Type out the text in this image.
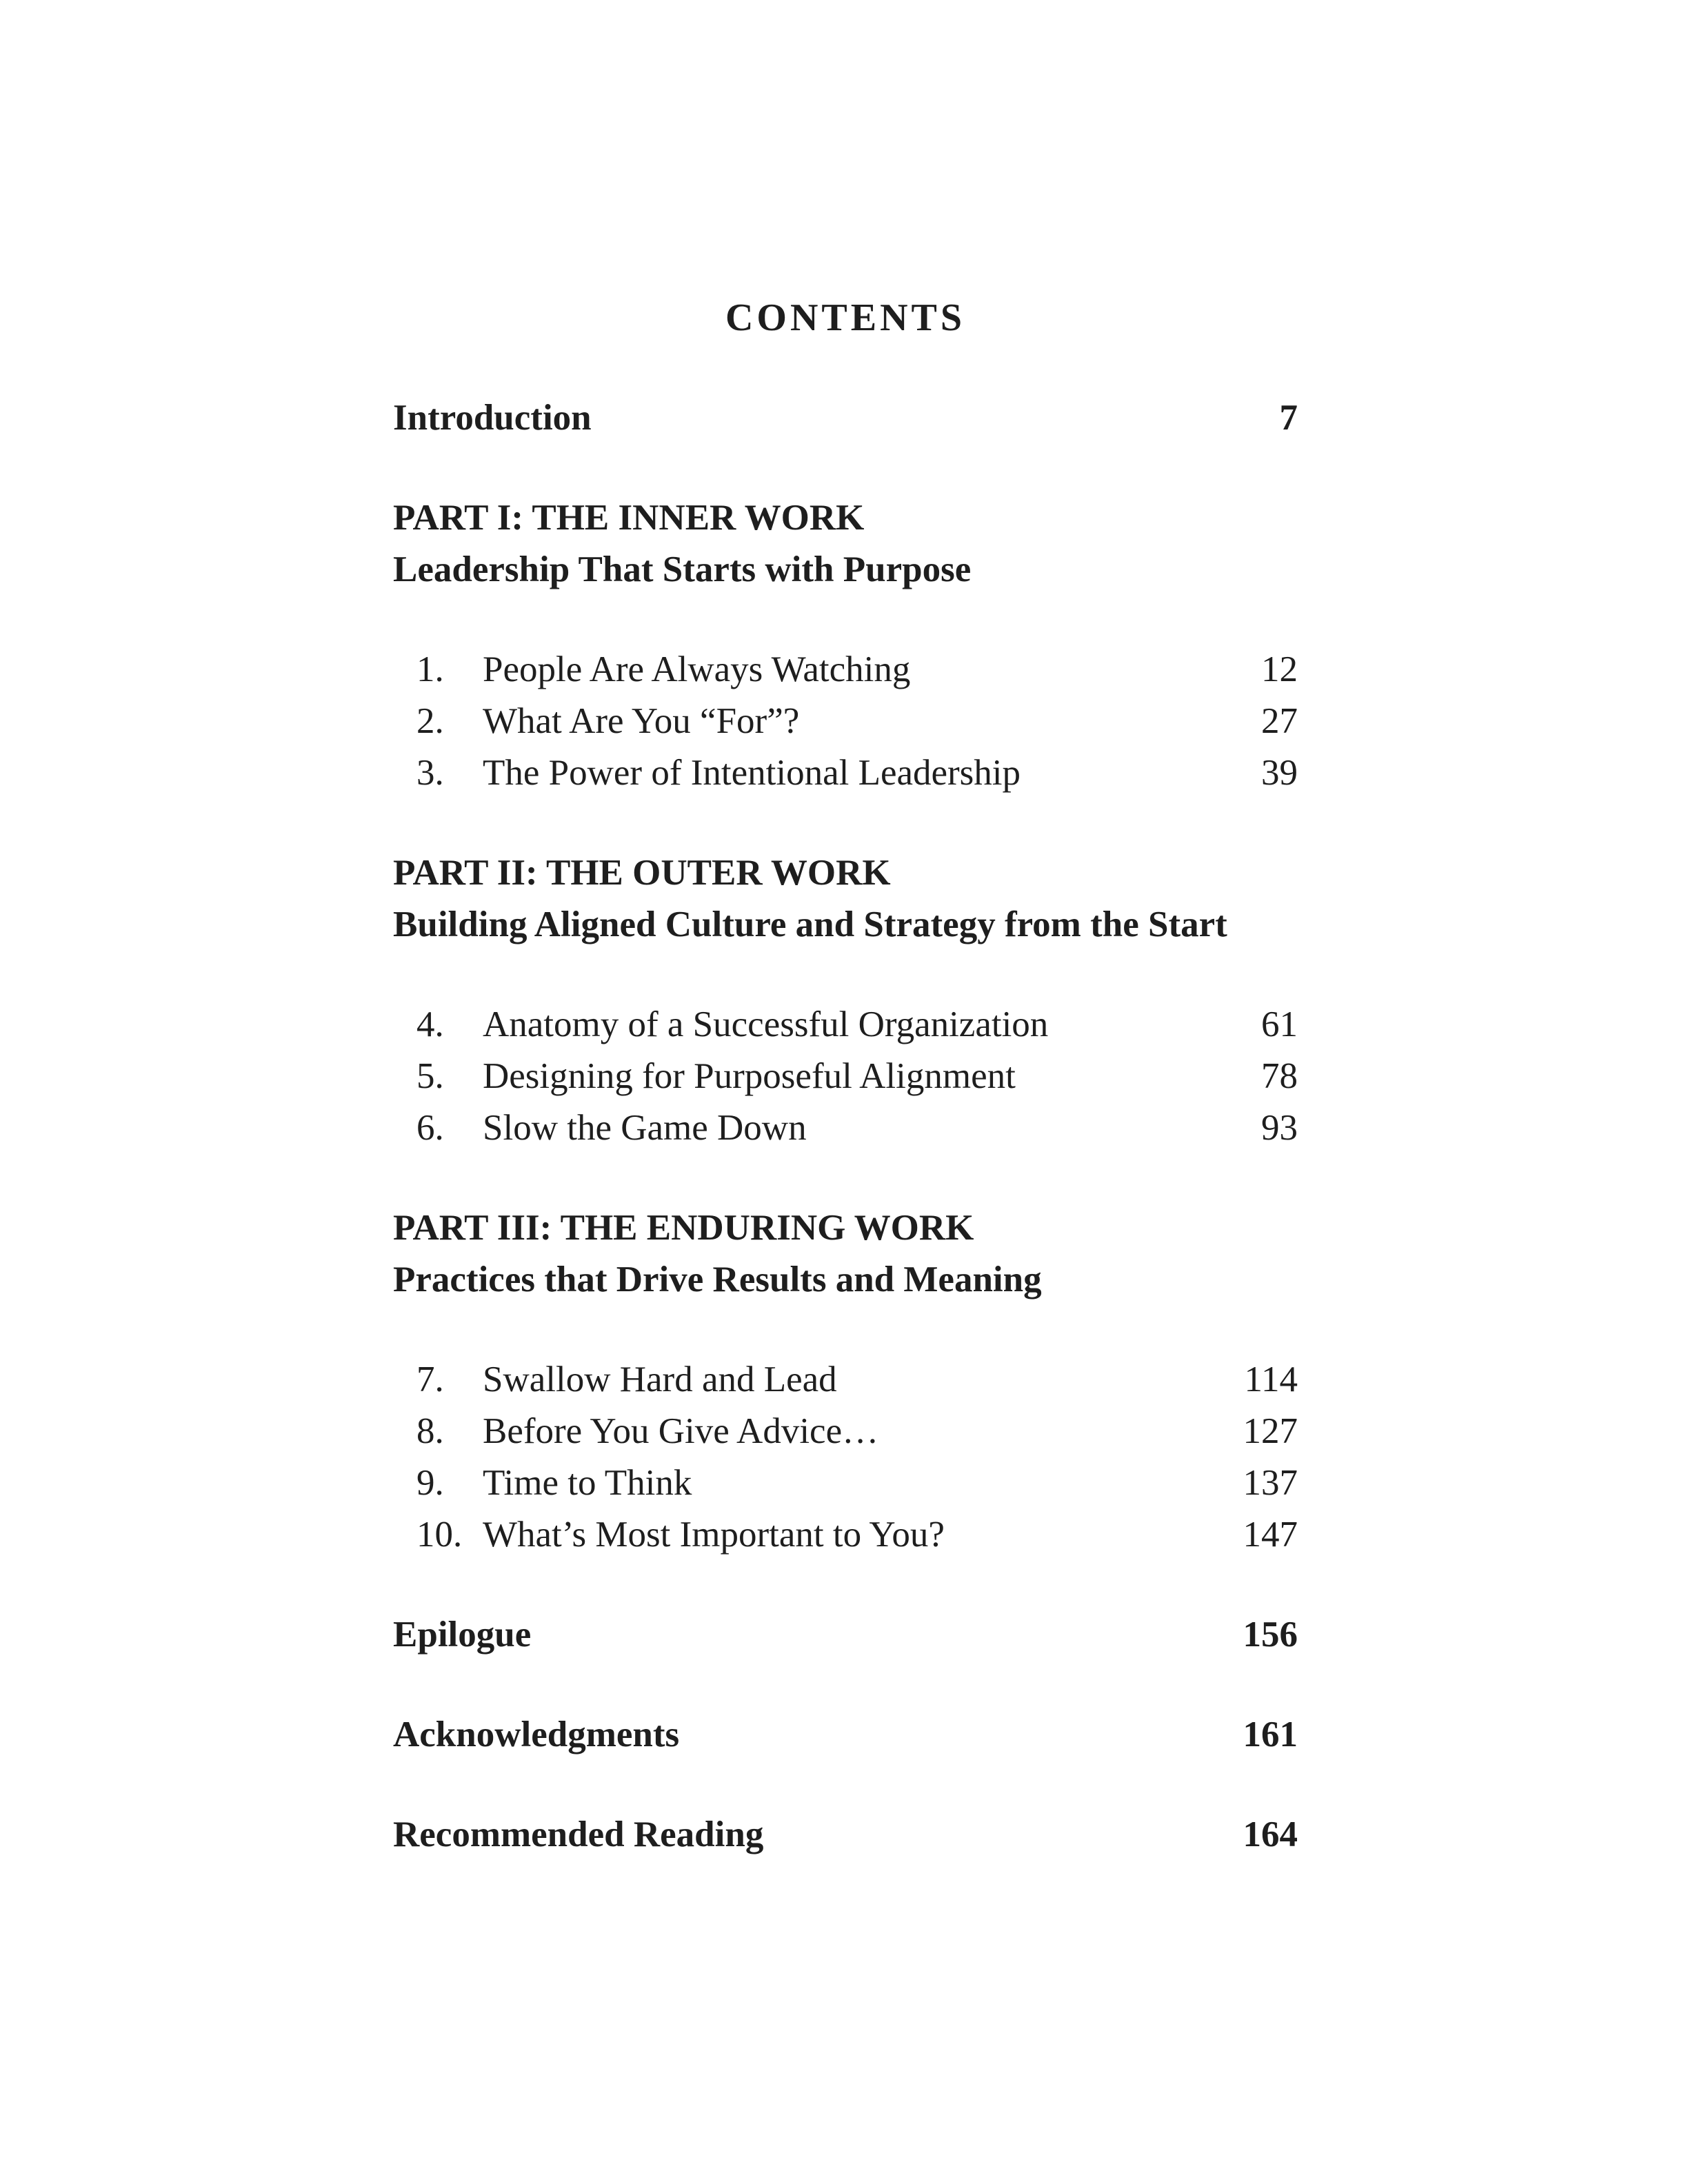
CONTENTS
Introduction	7
PART I: THE INNER WORK
Leadership That Starts with Purpose
1.	People Are Always Watching	12
2.	What Are You “For”?	27
3.	The Power of Intentional Leadership	39
PART II: THE OUTER WORK
Building Aligned Culture and Strategy from the Start
4.	Anatomy of a Successful Organization	61
5.	Designing for Purposeful Alignment	78
6.	Slow the Game Down	93
PART III: THE ENDURING WORK
Practices that Drive Results and Meaning
7.	Swallow Hard and Lead	114
8.	Before You Give Advice…	127
9.	Time to Think	137
10. What’s Most Important to You?	147
Epilogue	156
Acknowledgments	161
Recommended Reading	164
